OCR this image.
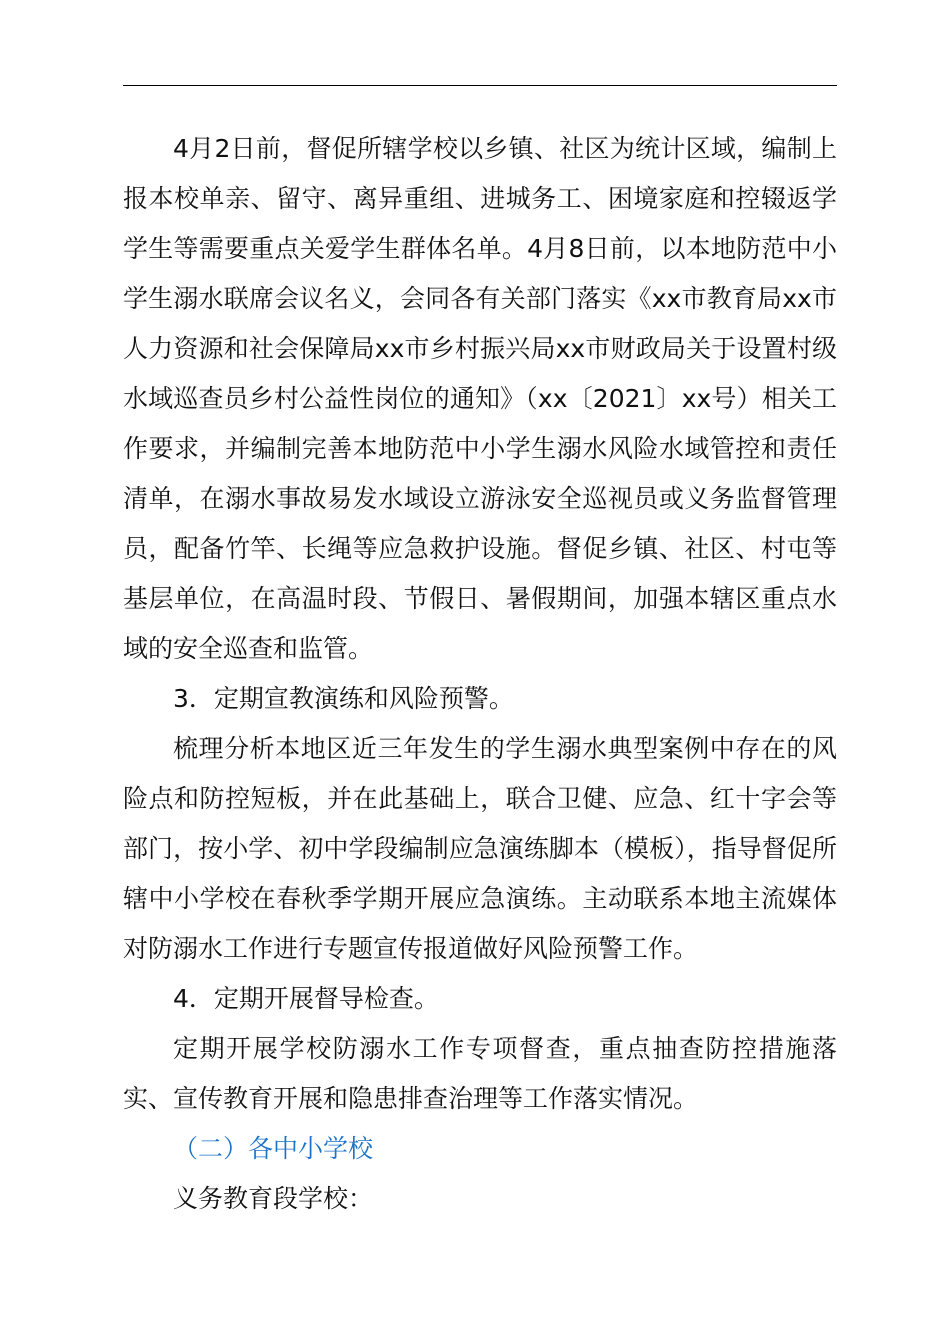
4月2日前，督促所辖学校以乡镇、社区为统计区域，编制上报本校单亲、留守、离异重组、进城务工、困境家庭和控辍返学学生等需要重点关爱学生群体名单。4月8日前，以本地防范中小学生溺水联席会议名义，会同各有关部门落实《xx市教育局xx市人力资源和社会保障局xx市乡村振兴局xx市财政局关于设置村级水域巡查员乡村公益性岗位的通知》（xx〔2021〕xx号）相关工作要求，并编制完善本地防范中小学生溺水风险水域管控和责任清单，在溺水事故易发水域设立游泳安全巡视员或义务监督管理员，配备竹竿、长绳等应急救护设施。督促乡镇、社区、村屯等基层单位，在高温时段、节假日、暑假期间，加强本辖区重点水域的安全巡查和监管。

3．定期宣教演练和风险预警。

梳理分析本地区近三年发生的学生溺水典型案例中存在的风险点和防控短板，并在此基础上，联合卫健、应急、红十字会等部门，按小学、初中学段编制应急演练脚本（模板），指导督促所辖中小学校在春秋季学期开展应急演练。主动联系本地主流媒体对防溺水工作进行专题宣传报道做好风险预警工作。

4．定期开展督导检查。

定期开展学校防溺水工作专项督查，重点抽查防控措施落实、宣传教育开展和隐患排查治理等工作落实情况。

（二）各中小学校

义务教育段学校：
